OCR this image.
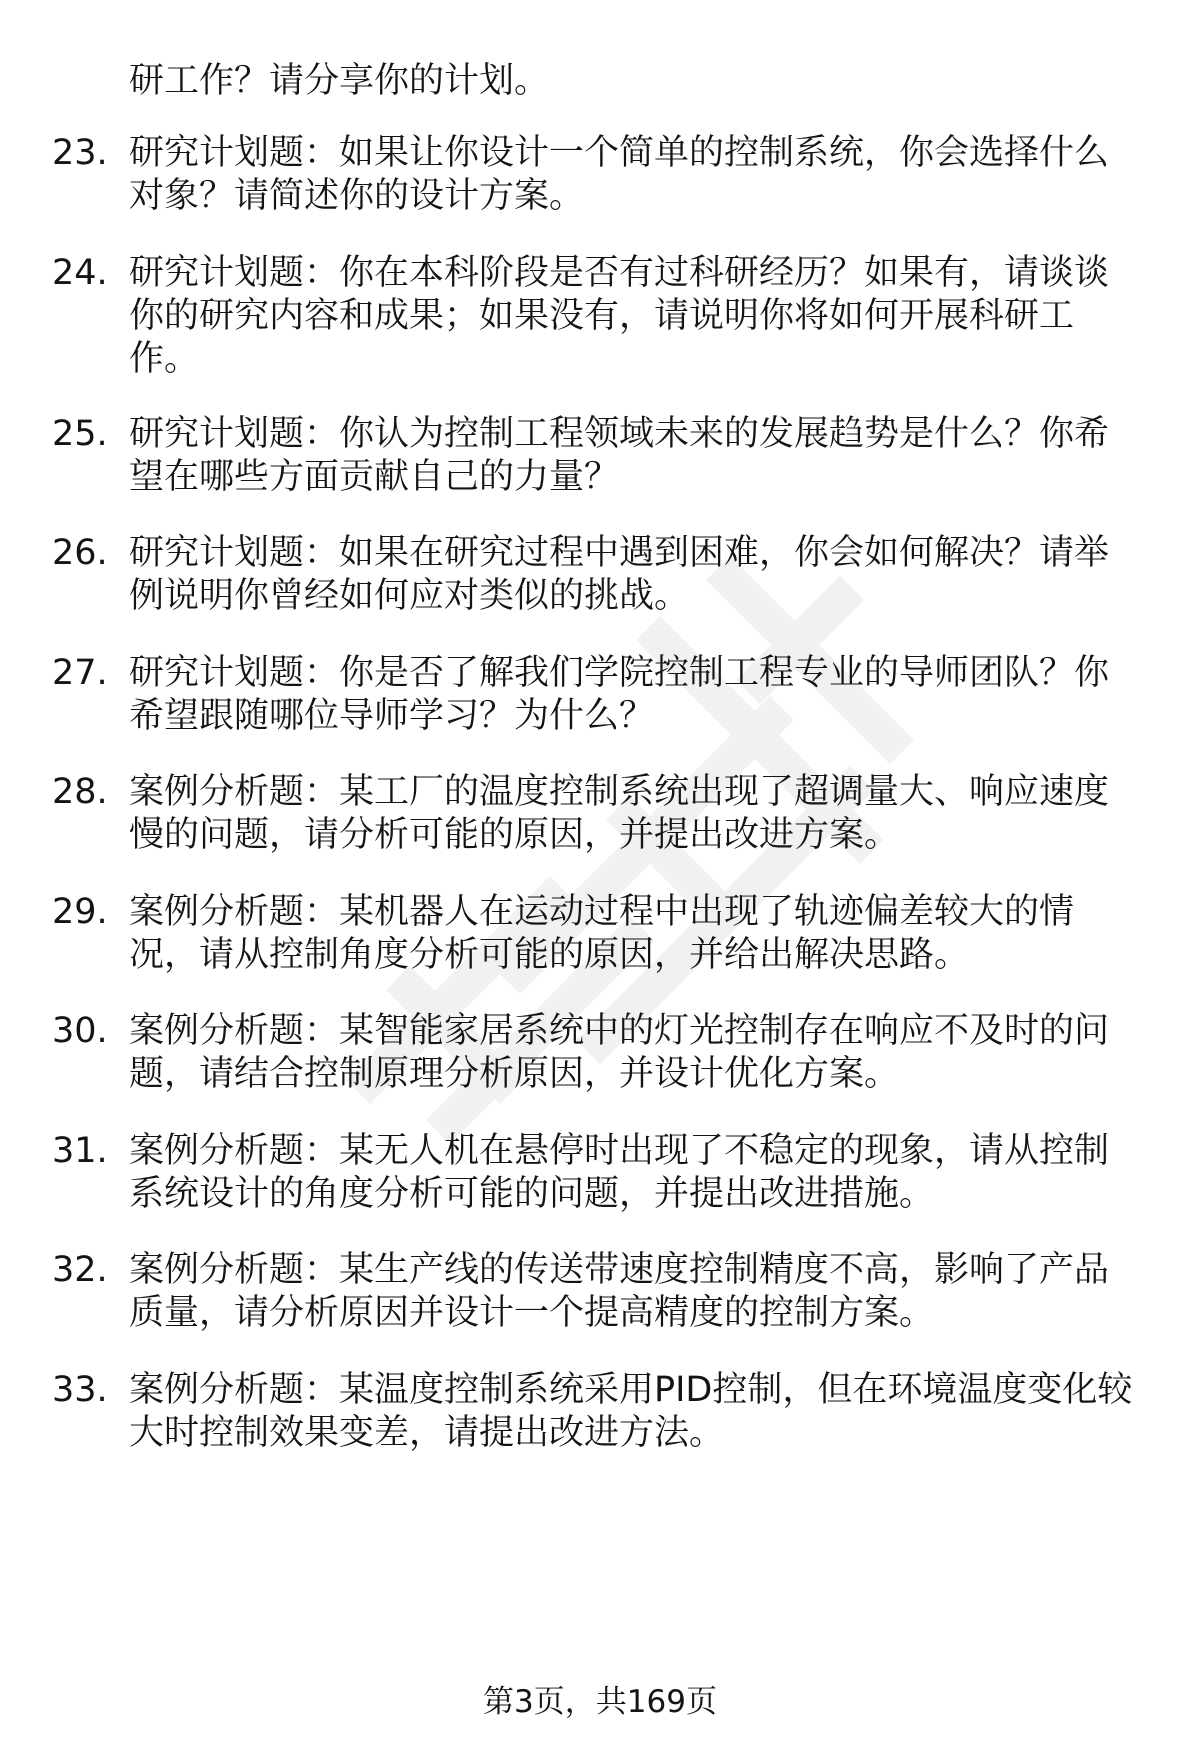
研工作？请分享你的计划。
23. 研究计划题：如果让你设计一个简单的控制系统，你会选择什么对象？请简述你的设计方案。
24. 研究计划题：你在本科阶段是否有过科研经历？如果有，请谈谈你的研究内容和成果；如果没有，请说明你将如何开展科研工作。
25. 研究计划题：你认为控制工程领域未来的发展趋势是什么？你希望在哪些方面贡献自己的力量？
26. 研究计划题：如果在研究过程中遇到困难，你会如何解决？请举例说明你曾经如何应对类似的挑战。
27. 研究计划题：你是否了解我们学院控制工程专业的导师团队？你希望跟随哪位导师学习？为什么？
28. 案例分析题：某工厂的温度控制系统出现了超调量大、响应速度慢的问题，请分析可能的原因，并提出改进方案。
29. 案例分析题：某机器人在运动过程中出现了轨迹偏差较大的情况，请从控制角度分析可能的原因，并给出解决思路。
30. 案例分析题：某智能家居系统中的灯光控制存在响应不及时的问题，请结合控制原理分析原因，并设计优化方案。
31. 案例分析题：某无人机在悬停时出现了不稳定的现象，请从控制系统设计的角度分析可能的问题，并提出改进措施。
32. 案例分析题：某生产线的传送带速度控制精度不高，影响了产品质量，请分析原因并设计一个提高精度的控制方案。
33. 案例分析题：某温度控制系统采用PID控制，但在环境温度变化较大时控制效果变差，请提出改进方法。
第3页，共169页
